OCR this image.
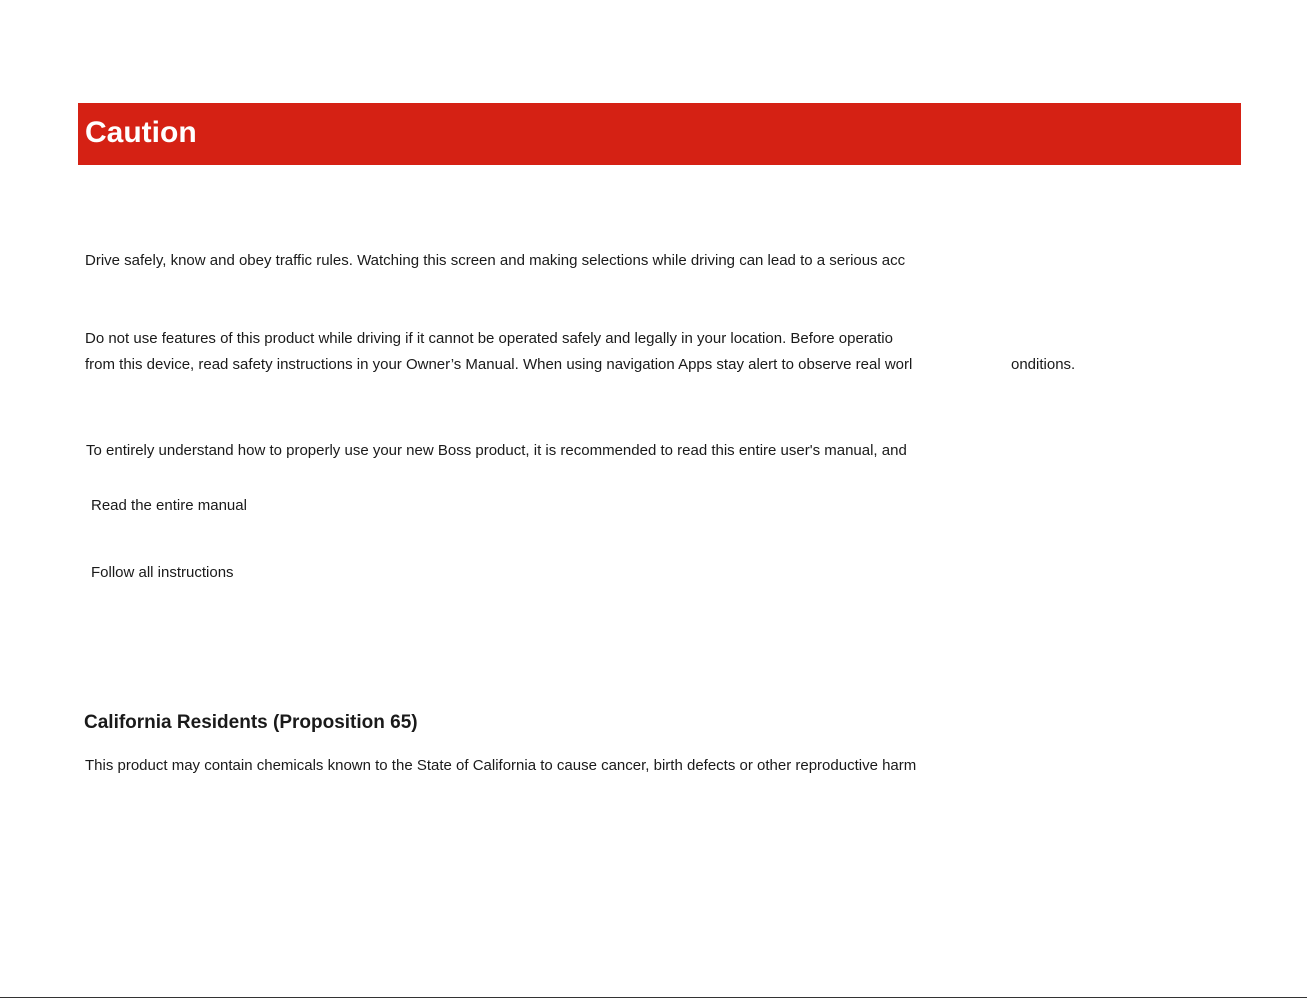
Caution

Drive safely, know and obey traffic rules. Watching this screen and making selections while driving can lead to a serious acc

Do not use features of this product while driving if it cannot be operated safely and legally in your location. Before operatio

from this device, read safety instructions in your Owner’s Manual. When using navigation Apps stay alert to observe real worl	onditions.

To entirely understand how to properly use your new Boss product, it is recommended to read this entire user's manual, and

Read the entire manual

Follow all instructions

California Residents (Proposition 65)

This product may contain chemicals known to the State of California to cause cancer, birth defects or other reproductive harm
